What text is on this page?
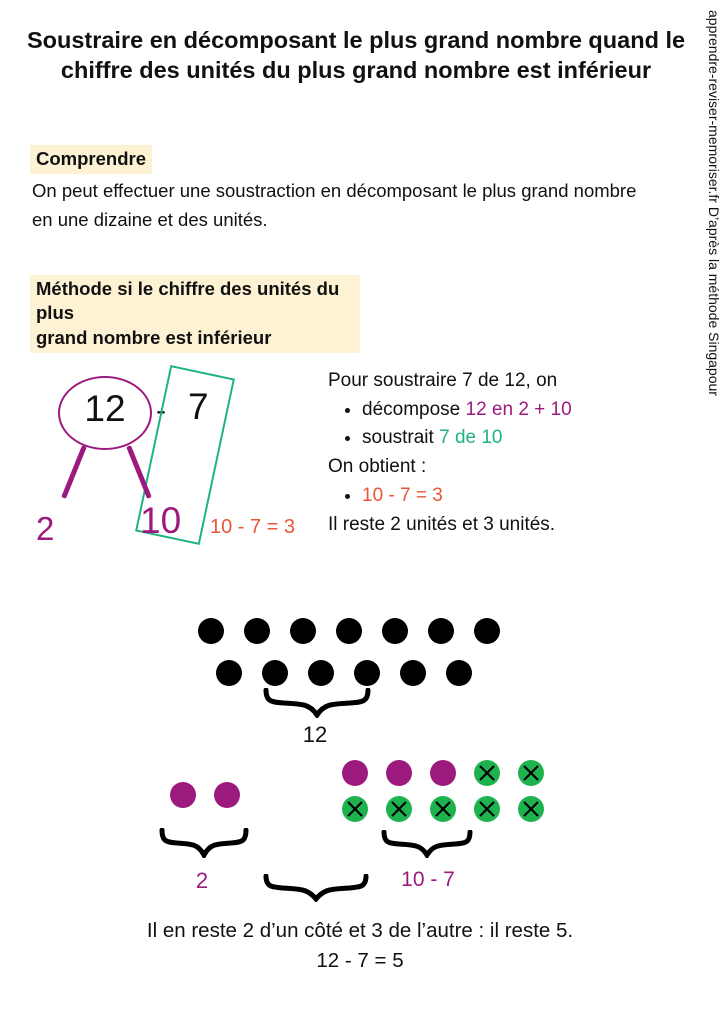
Soustraire en décomposant le plus grand nombre quand le chiffre des unités du plus grand nombre est inférieur
Comprendre
On peut effectuer une soustraction en décomposant le plus grand nombre en une dizaine et des unités.
Méthode si le chiffre des unités du plus
grand nombre est inférieur
12	- 7
2 10 10 - 7 = 3
Pour soustraire 7 de 12, on
• décompose 12 en 2 + 10
• soustrait 7 de 10
On obtient :
• 10 - 7 = 3
Il reste 2 unités et 3 unités.
apprendre-reviser-memoriser.fr D’après la méthode Singapour
12
2	10 - 7
Il en reste 2 d’un côté et 3 de l’autre : il reste 5.
12 - 7 = 5
